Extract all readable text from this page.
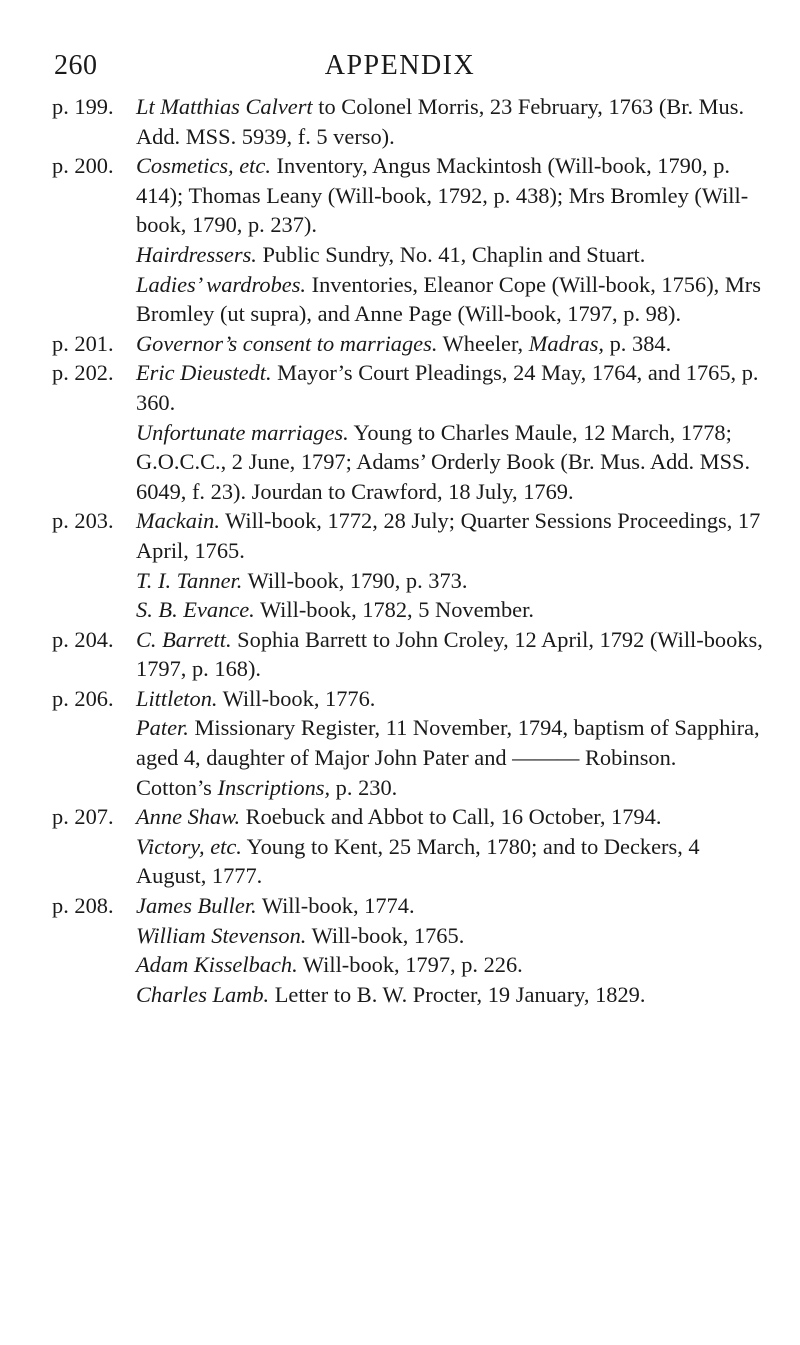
260	APPENDIX
p. 199. Lt Matthias Calvert to Colonel Morris, 23 February, 1763 (Br. Mus. Add. MSS. 5939, f. 5 verso).
p. 200. Cosmetics, etc. Inventory, Angus Mackintosh (Will-book, 1790, p. 414); Thomas Leany (Will-book, 1792, p. 438); Mrs Bromley (Will-book, 1790, p. 237).
Hairdressers. Public Sundry, No. 41, Chaplin and Stuart.
Ladies’ wardrobes. Inventories, Eleanor Cope (Will-book, 1756), Mrs Bromley (ut supra), and Anne Page (Will-book, 1797, p. 98).
p. 201. Governor’s consent to marriages. Wheeler, Madras, p. 384.
p. 202. Eric Dieustedt. Mayor’s Court Pleadings, 24 May, 1764, and 1765, p. 360.
Unfortunate marriages. Young to Charles Maule, 12 March, 1778; G.O.C.C., 2 June, 1797; Adams’ Orderly Book (Br. Mus. Add. MSS. 6049, f. 23). Jourdan to Crawford, 18 July, 1769.
p. 203. Mackain. Will-book, 1772, 28 July; Quarter Sessions Proceedings, 17 April, 1765.
T. I. Tanner. Will-book, 1790, p. 373.
S. B. Evance. Will-book, 1782, 5 November.
p. 204. C. Barrett. Sophia Barrett to John Croley, 12 April, 1792 (Will-books, 1797, p. 168).
p. 206. Littleton. Will-book, 1776.
Pater. Missionary Register, 11 November, 1794, baptism of Sapphira, aged 4, daughter of Major John Pater and ——— Robinson.
Cotton’s Inscriptions, p. 230.
p. 207. Anne Shaw. Roebuck and Abbot to Call, 16 October, 1794.
Victory, etc. Young to Kent, 25 March, 1780; and to Deckers, 4 August, 1777.
p. 208. James Buller. Will-book, 1774.
William Stevenson. Will-book, 1765.
Adam Kisselbach. Will-book, 1797, p. 226.
Charles Lamb. Letter to B. W. Procter, 19 January, 1829.
